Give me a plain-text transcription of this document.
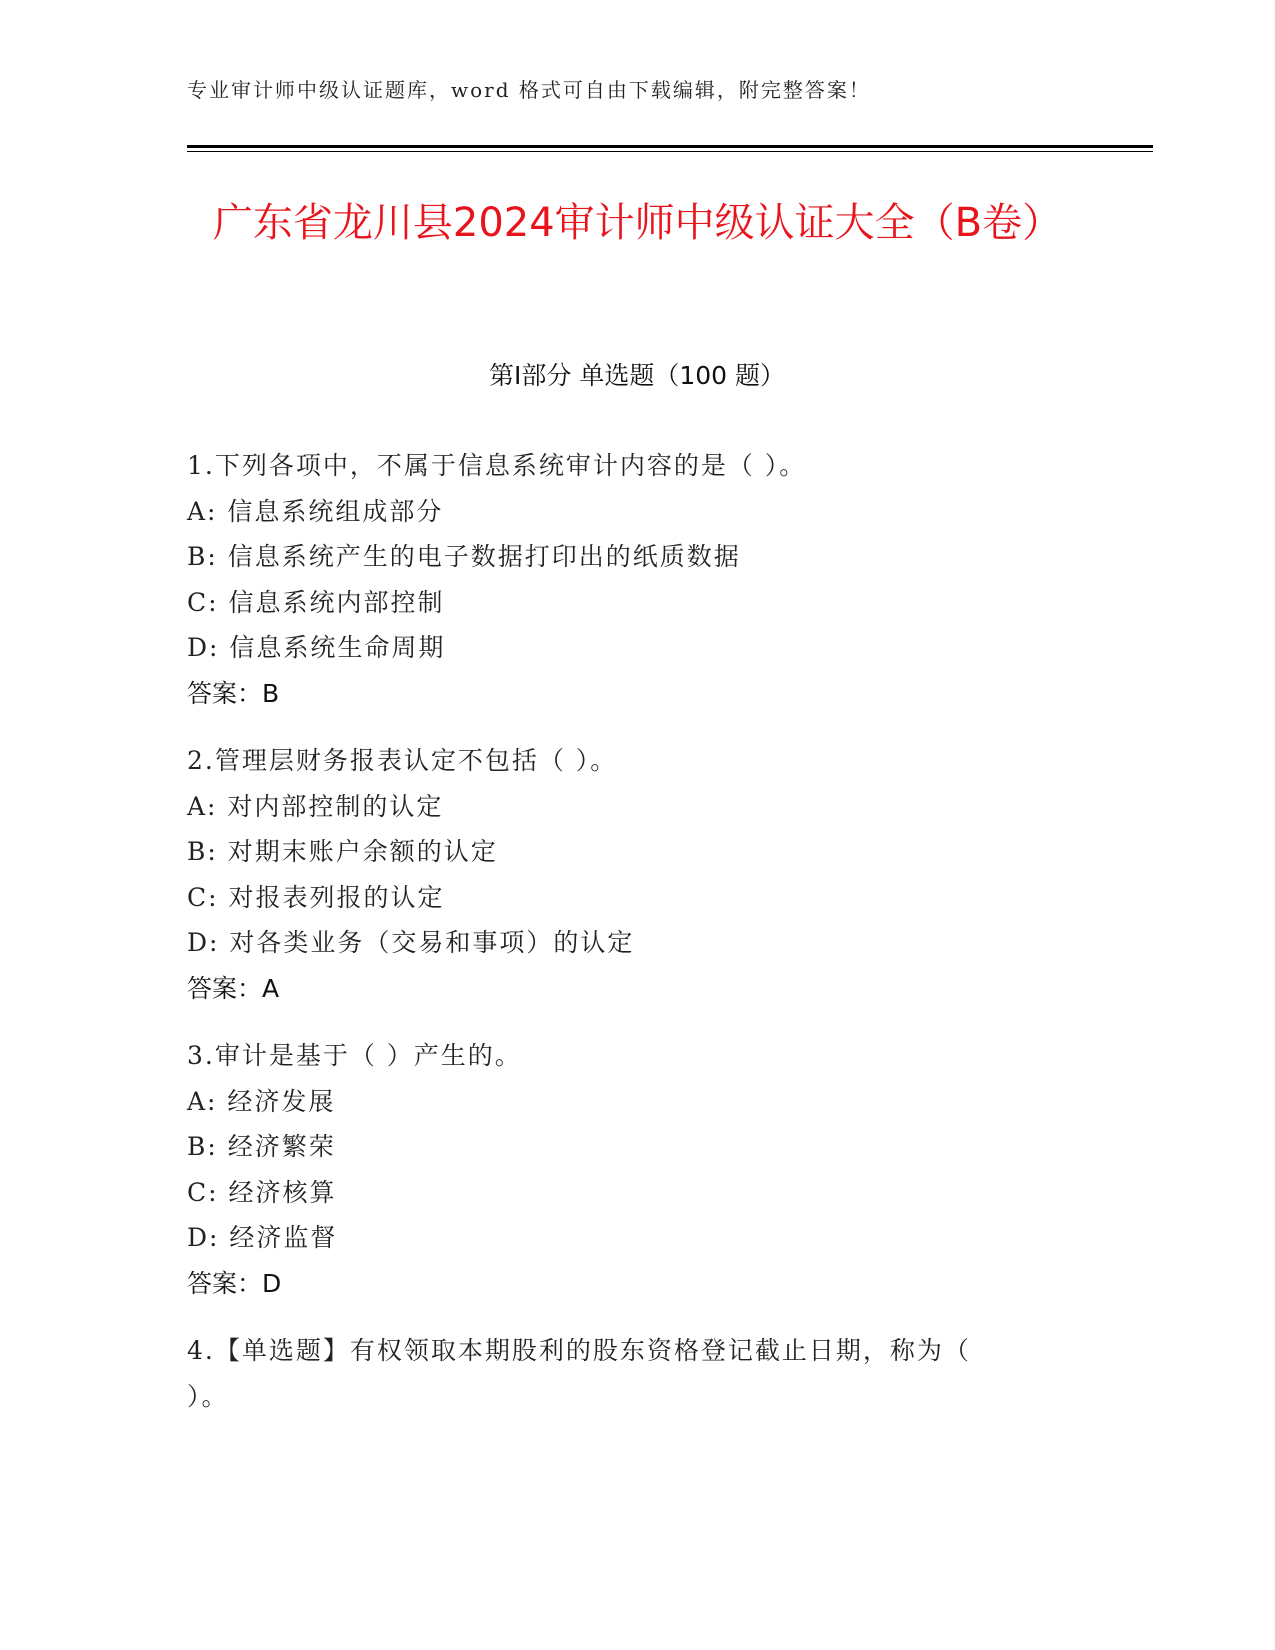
专业审计师中级认证题库，word 格式可自由下载编辑，附完整答案！
广东省龙川县2024审计师中级认证大全（B卷）
第Ⅰ部分 单选题（100 题）
1.下列各项中，不属于信息系统审计内容的是（ ）。
A: 信息系统组成部分
B: 信息系统产生的电子数据打印出的纸质数据
C: 信息系统内部控制
D: 信息系统生命周期
答案：B
2.管理层财务报表认定不包括（ ）。
A: 对内部控制的认定
B: 对期末账户余额的认定
C: 对报表列报的认定
D: 对各类业务（交易和事项）的认定
答案：A
3.审计是基于（ ）产生的。
A: 经济发展
B: 经济繁荣
C: 经济核算
D: 经济监督
答案：D
4.【单选题】有权领取本期股利的股东资格登记截止日期，称为（ ）。
